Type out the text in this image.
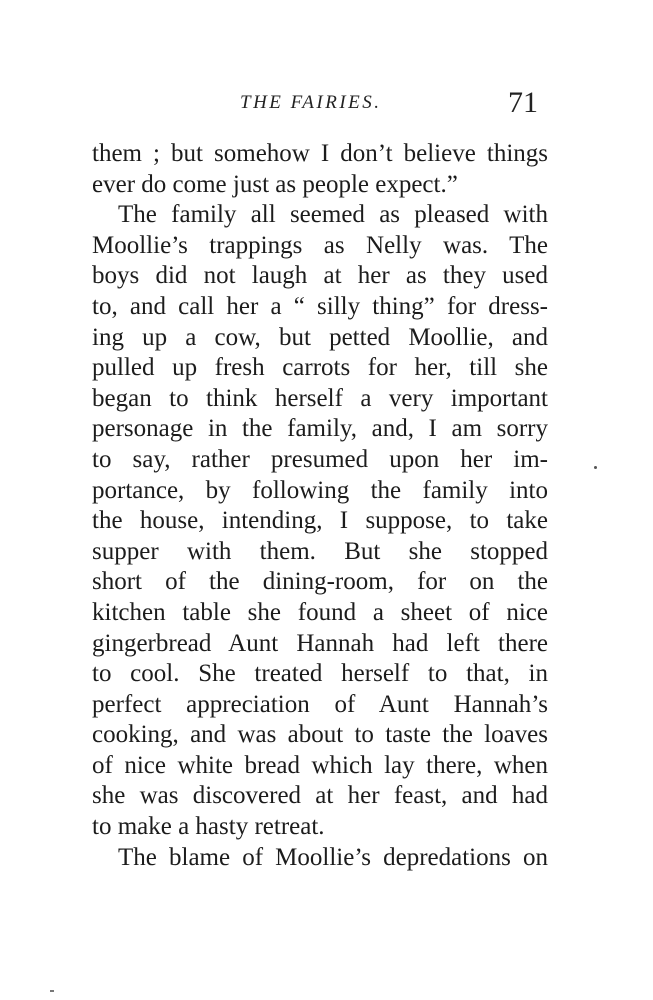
THE FAIRIES.	71
them ; but somehow I don’t believe things
ever do come just as people expect.”
The family all seemed as pleased with
Moollie’s trappings as Nelly was. The
boys did not laugh at her as they used
to, and call her a “ silly thing” for dress-
ing up a cow, but petted Moollie, and
pulled up fresh carrots for her, till she
began to think herself a very important
personage in the family, and, I am sorry
to say, rather presumed upon her im-
portance, by following the family into
the house, intending, I suppose, to take
supper with them. But she stopped
short of the dining-room, for on the
kitchen table she found a sheet of nice
gingerbread Aunt Hannah had left there
to cool. She treated herself to that, in
perfect appreciation of Aunt Hannah’s
cooking, and was about to taste the loaves
of nice white bread which lay there, when
she was discovered at her feast, and had
to make a hasty retreat.
The blame of Moollie’s depredations on
